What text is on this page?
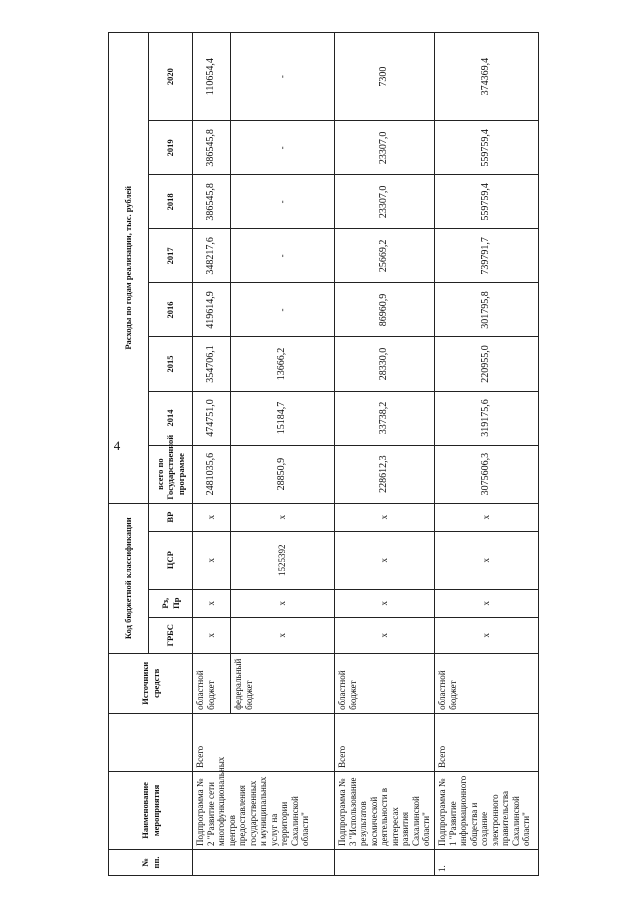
4
№ пп.	Наименование мероприятия		Источники средств	Код бюджетной классификации				Расходы по годам реализации, тыс. рублей							
				ГРБС	Рз, Пр	ЦСР	ВР	всего по Государственной программе	2014	2015	2016	2017	2018	2019	2020
	Подпрограмма № 2 "Развитие сети многофункциональных центров предоставления государственных и муниципальных услуг на территории Сахалинской области"	Всего	областной бюджет	x	x	x	x	2481035,6	474751,0	354706,1	419614,9	348217,6	386545,8	386545,8	110654,4
			федеральный бюджет	x	x	1525392	x	28850,9	15184,7	13666,2	-	-	-	-	-
	Подпрограмма № 3 "Использование результатов космической деятельности в интересах развития Сахалинской области"	Всего	областной бюджет	x	x	x	x	228612,3	33738,2	28330,0	86960,9	25669,2	23307,0	23307,0	7300
1.	Подпрограмма № 1 "Развитие информационного общества и создание электронного правительства Сахалинской области"	Всего	областной бюджет	x	x	x	x	3075606,3	319175,6	220955,0	301795,8	739791,7	559759,4	559759,4	374369,4
